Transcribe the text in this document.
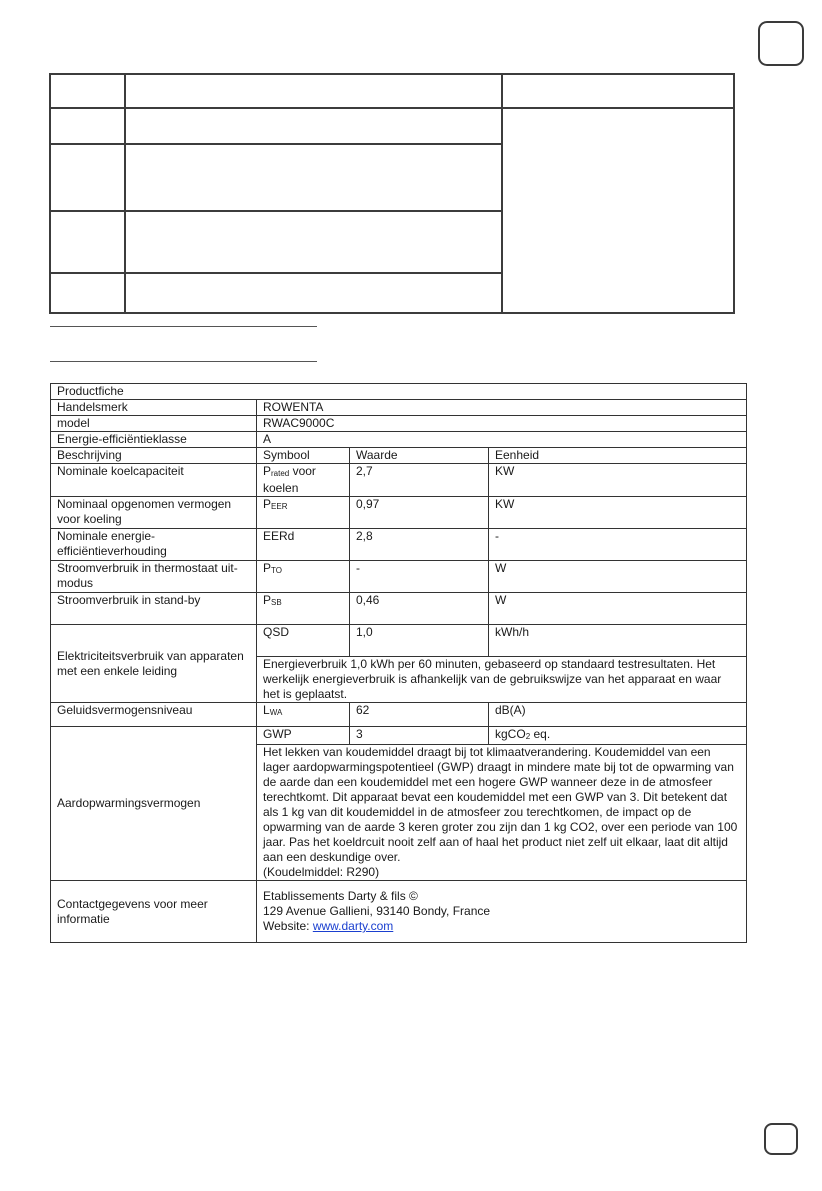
Productfiche			
Handelsmerk	ROWENTA		
model	RWAC9000C		
Energie-efficiëntieklasse	A		
Beschrijving	Symbool	Waarde	Eenheid
Nominale koelcapaciteit	Prated voor koelen	2,7	KW
Nominaal opgenomen vermogen voor koeling	PEER	0,97	KW
Nominale energie-efficiëntieverhouding	EERd	2,8	-
Stroomverbruik in thermostaat uit-modus	PTO	-	W
Stroomverbruik in stand-by	PSB	0,46	W
Elektriciteitsverbruik van apparaten met een enkele leiding	QSD	1,0	kWh/h
	Energieverbruik 1,0 kWh per 60 minuten, gebaseerd op standaard testresultaten. Het werkelijk energieverbruik is afhankelijk van de gebruikswijze van het apparaat en waar het is geplaatst.		
Geluidsvermogensniveau	LWA	62	dB(A)
Aardopwarmingsvermogen	GWP	3	kgCO2 eq.
	Het lekken van koudemiddel draagt bij tot klimaatverandering. Koudemiddel van een lager aardopwarmingspotentieel (GWP) draagt in mindere mate bij tot de opwarming van de aarde dan een koudemiddel met een hogere GWP wanneer deze in de atmosfeer terechtkomt. Dit apparaat bevat een koudemiddel met een GWP van 3. Dit betekent dat als 1 kg van dit koudemiddel in de atmosfeer zou terechtkomen, de impact op de opwarming van de aarde 3 keren groter zou zijn dan 1 kg CO2, over een periode van 100 jaar. Pas het koeldrcuit nooit zelf aan of haal het product niet zelf uit elkaar, laat dit altijd aan een deskundige over.
(Koudelmiddel: R290)		
Contactgegevens voor meer informatie	Etablissements Darty & fils ©
129 Avenue Gallieni, 93140 Bondy, France
Website: www.darty.com		
